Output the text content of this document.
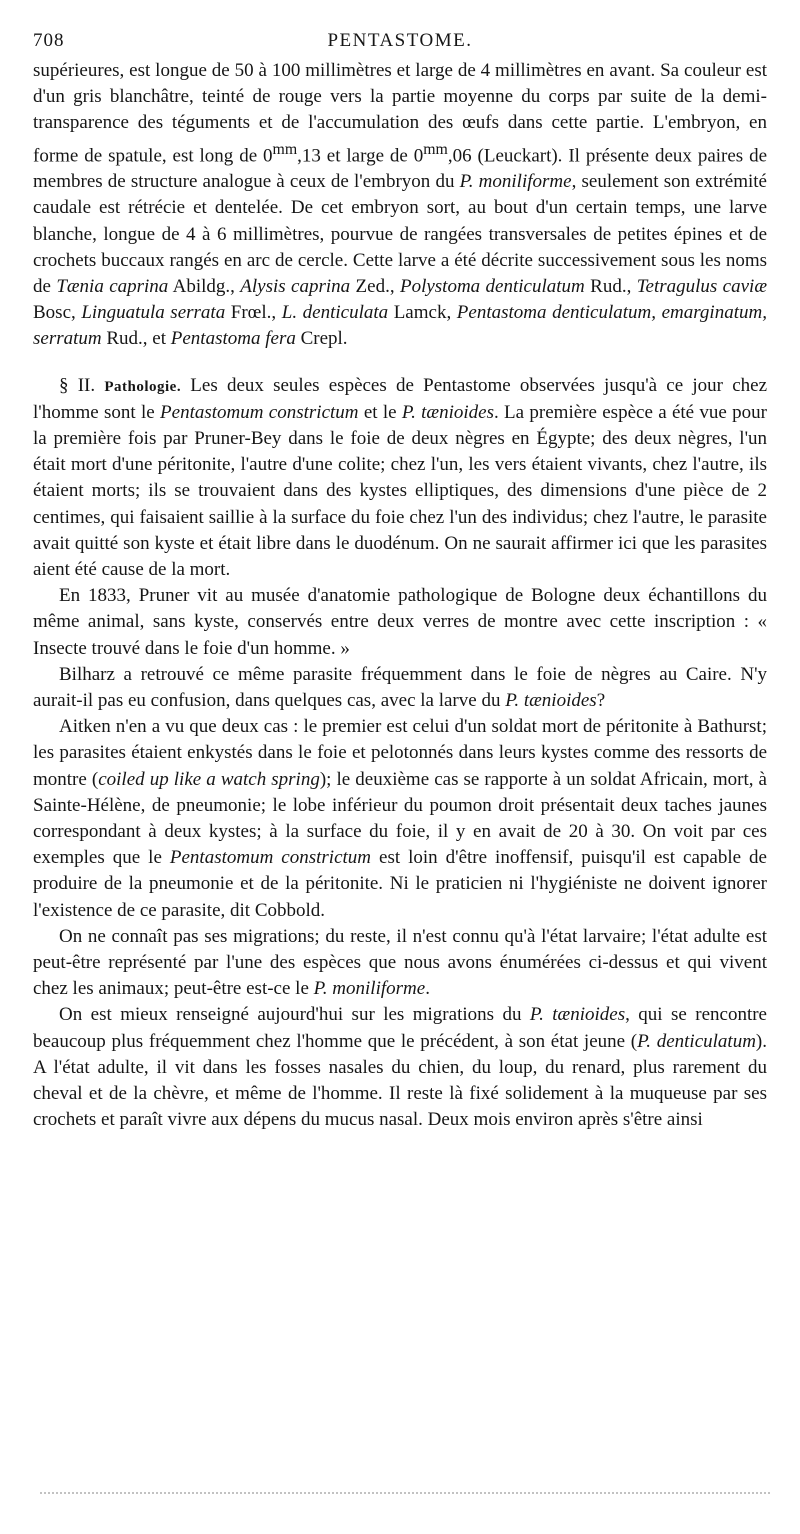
708	PENTASTOME.

supérieures, est longue de 50 à 100 millimètres et large de 4 millimètres en avant. Sa couleur est d'un gris blanchâtre, teinté de rouge vers la partie moyenne du corps par suite de la demi-transparence des téguments et de l'accumulation des œufs dans cette partie. L'embryon, en forme de spatule, est long de $0^{mm},13$ et large de $0^{mm},06$ (Leuckart). Il présente deux paires de membres de structure analogue à ceux de l'embryon du P. moniliforme, seulement son extrémité caudale est rétrécie et dentelée. De cet embryon sort, au bout d'un certain temps, une larve blanche, longue de 4 à 6 millimètres, pourvue de rangées transversales de petites épines et de crochets buccaux rangés en arc de cercle. Cette larve a été décrite successivement sous les noms de Tænia caprina Abildg., Alysis caprina Zed., Polystoma denticulatum Rud., Tetragulus caviæ Bosc, Linguatula serrata Frœl., L. denticulata Lamck, Pentastoma denticulatum, emarginatum, serratum Rud., et Pentastoma fera Crepl.

§ II. Pathologie. Les deux seules espèces de Pentastome observées jusqu'à ce jour chez l'homme sont le Pentastomum constrictum et le P. tænioides. La première espèce a été vue pour la première fois par Pruner-Bey dans le foie de deux nègres en Égypte; des deux nègres, l'un était mort d'une péritonite, l'autre d'une colite; chez l'un, les vers étaient vivants, chez l'autre, ils étaient morts; ils se trouvaient dans des kystes elliptiques, des dimensions d'une pièce de 2 centimes, qui faisaient saillie à la surface du foie chez l'un des individus; chez l'autre, le parasite avait quitté son kyste et était libre dans le duodénum. On ne saurait affirmer ici que les parasites aient été cause de la mort.

En 1833, Pruner vit au musée d'anatomie pathologique de Bologne deux échantillons du même animal, sans kyste, conservés entre deux verres de montre avec cette inscription : « Insecte trouvé dans le foie d'un homme. »

Bilharz a retrouvé ce même parasite fréquemment dans le foie de nègres au Caire. N'y aurait-il pas eu confusion, dans quelques cas, avec la larve du P. tænioides?

Aitken n'en a vu que deux cas : le premier est celui d'un soldat mort de péritonite à Bathurst; les parasites étaient enkystés dans le foie et pelotonnés dans leurs kystes comme des ressorts de montre (coiled up like a watch spring); le deuxième cas se rapporte à un soldat Africain, mort, à Sainte-Hélène, de pneumonie; le lobe inférieur du poumon droit présentait deux taches jaunes correspondant à deux kystes; à la surface du foie, il y en avait de 20 à 30. On voit par ces exemples que le Pentastomum constrictum est loin d'être inoffensif, puisqu'il est capable de produire de la pneumonie et de la péritonite. Ni le praticien ni l'hygiéniste ne doivent ignorer l'existence de ce parasite, dit Cobbold.

On ne connaît pas ses migrations; du reste, il n'est connu qu'à l'état larvaire; l'état adulte est peut-être représenté par l'une des espèces que nous avons énumérées ci-dessus et qui vivent chez les animaux; peut-être est-ce le P. moniliforme.

On est mieux renseigné aujourd'hui sur les migrations du P. tænioides, qui se rencontre beaucoup plus fréquemment chez l'homme que le précédent, à son état jeune (P. denticulatum). A l'état adulte, il vit dans les fosses nasales du chien, du loup, du renard, plus rarement du cheval et de la chèvre, et même de l'homme. Il reste là fixé solidement à la muqueuse par ses crochets et paraît vivre aux dépens du mucus nasal. Deux mois environ après s'être ainsi
